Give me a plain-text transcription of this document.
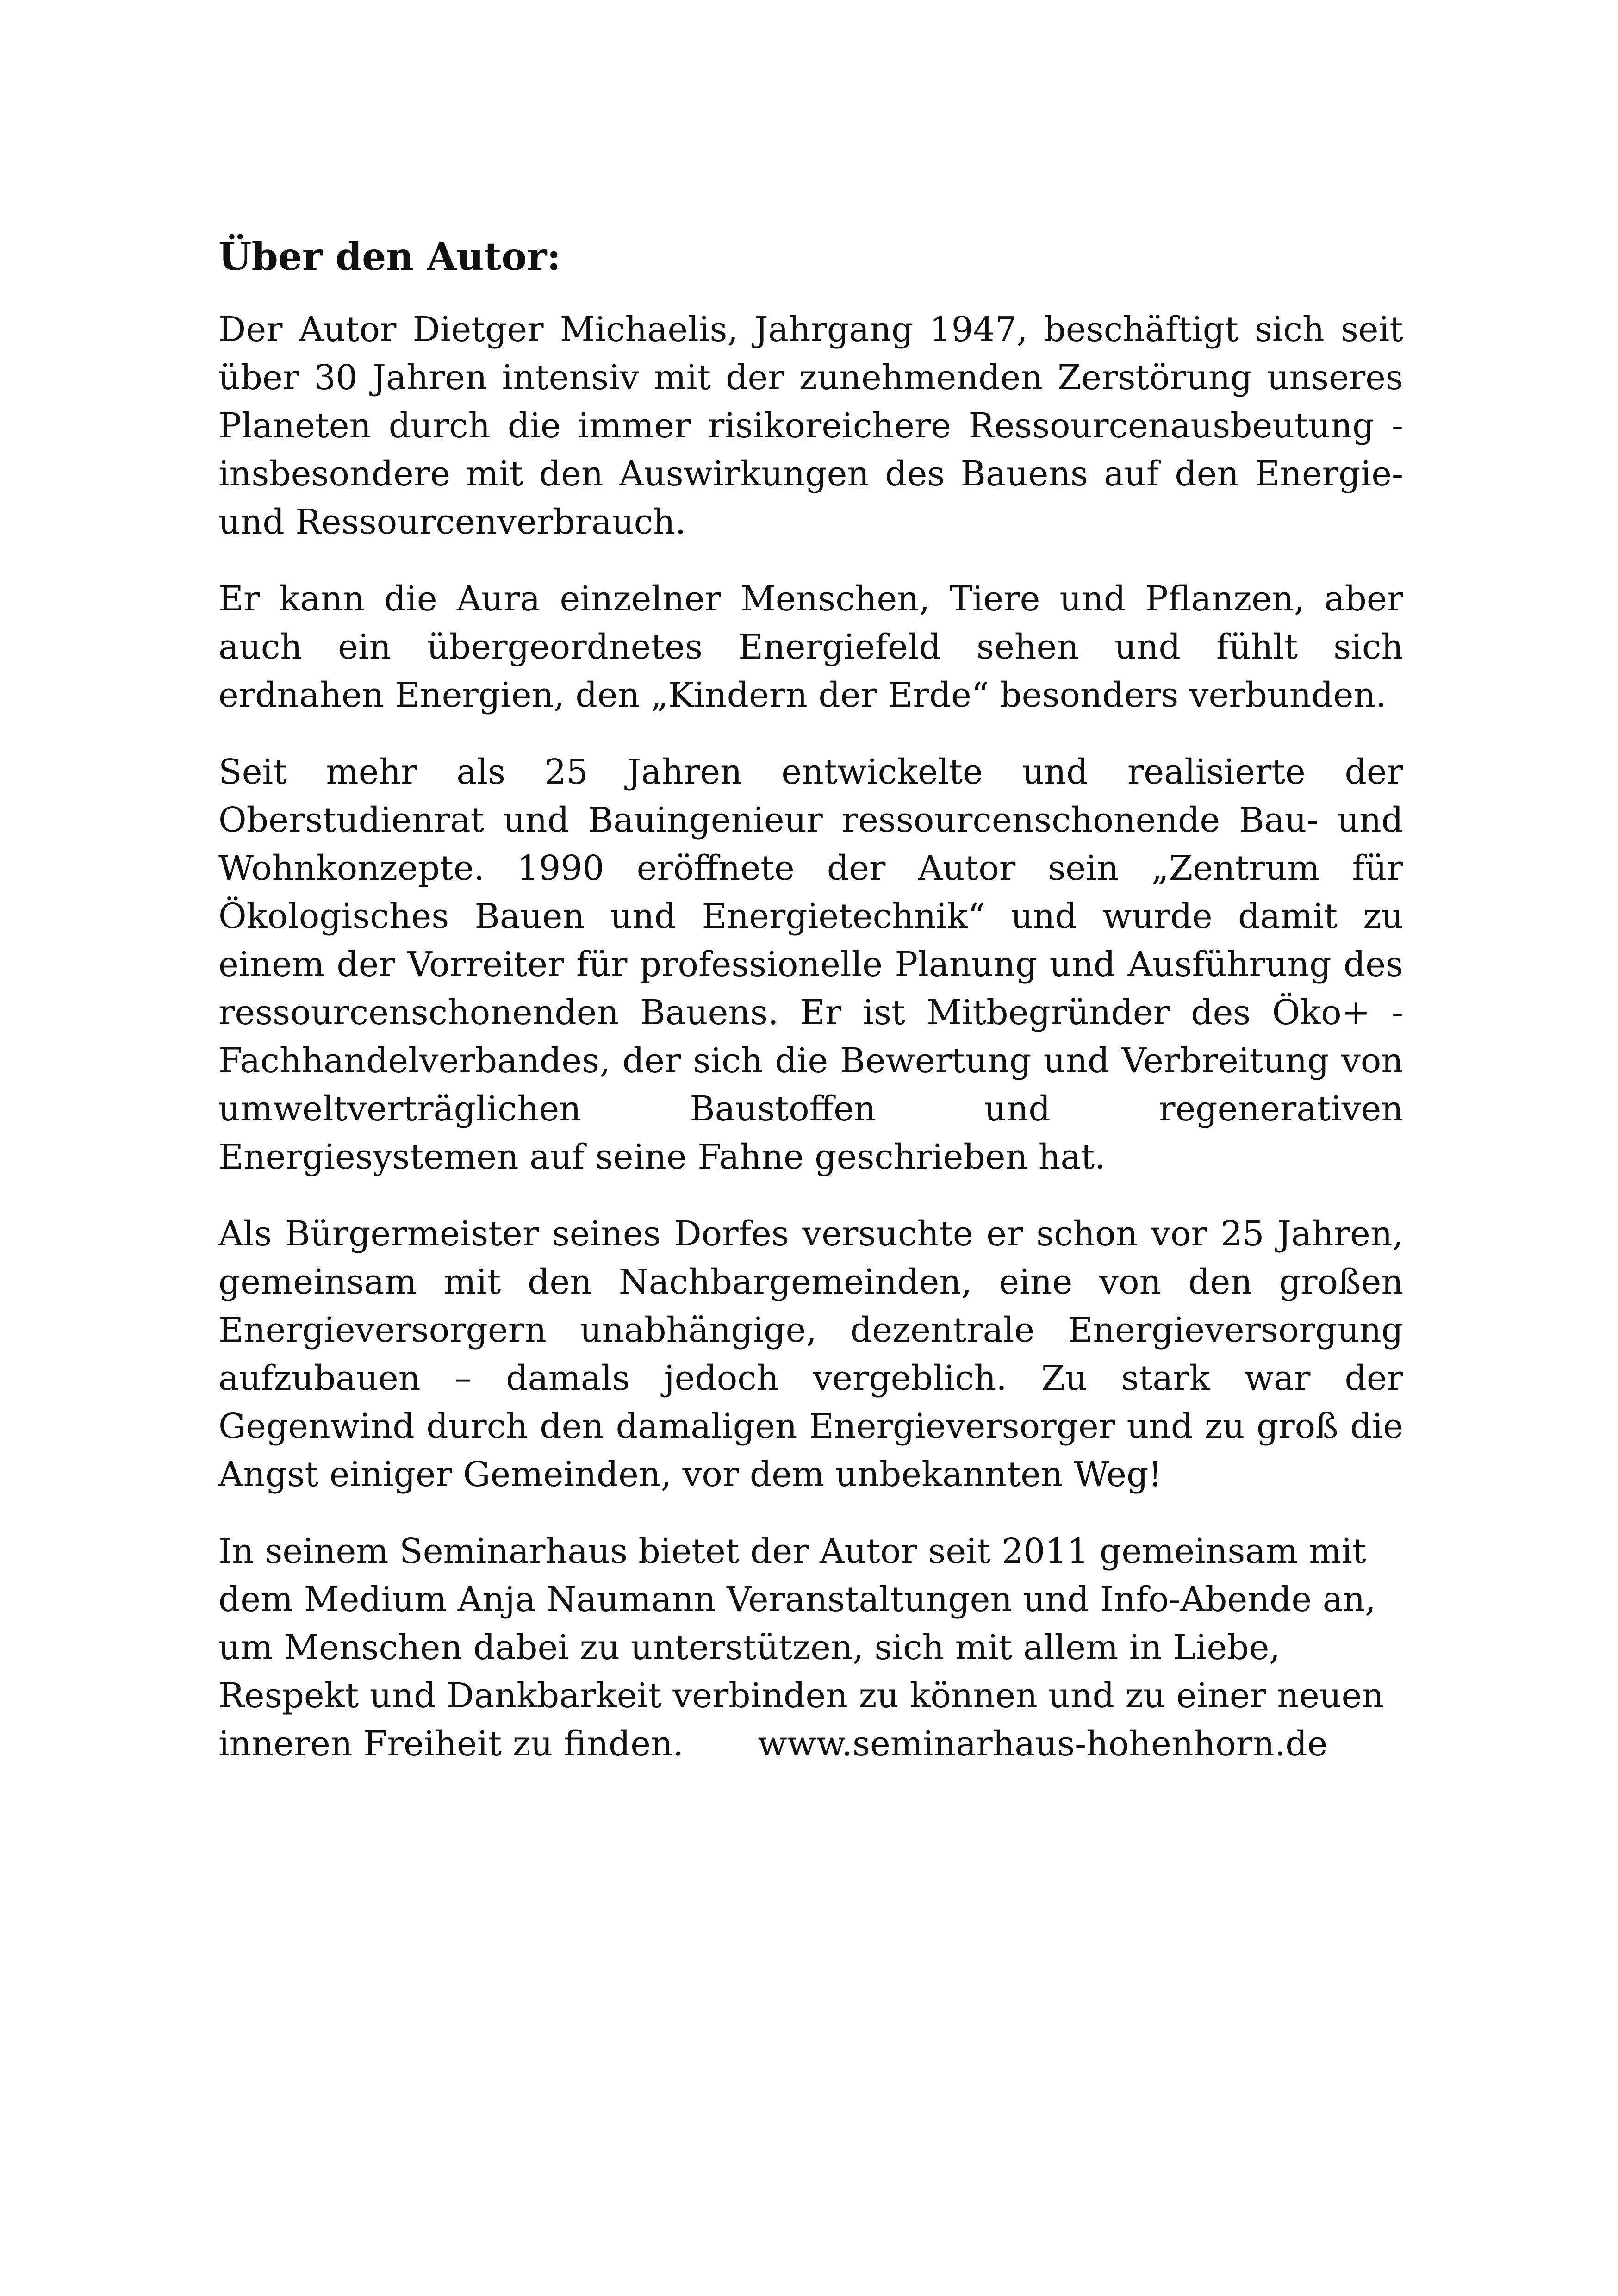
Über den Autor:

Der Autor Dietger Michaelis, Jahrgang 1947, beschäftigt sich seit über 30 Jahren intensiv mit der zunehmenden Zerstörung unseres Planeten durch die immer risikoreichere Ressourcenausbeutung - insbesondere mit den Auswirkungen des Bauens auf den Energie- und Ressourcenverbrauch.

Er kann die Aura einzelner Menschen, Tiere und Pflanzen, aber auch ein übergeordnetes Energiefeld sehen und fühlt sich erdnahen Energien, den „Kindern der Erde“ besonders verbunden.

Seit mehr als 25 Jahren entwickelte und realisierte der Oberstudienrat und Bauingenieur ressourcenschonende Bau- und Wohnkonzepte. 1990 eröffnete der Autor sein „Zentrum für Ökologisches Bauen und Energietechnik“ und wurde damit zu einem der Vorreiter für professionelle Planung und Ausführung des ressourcenschonenden Bauens. Er ist Mitbegründer des Öko+ - Fachhandelverbandes, der sich die Bewertung und Verbreitung von umweltverträglichen Baustoffen und regenerativen Energiesystemen auf seine Fahne geschrieben hat.

Als Bürgermeister seines Dorfes versuchte er schon vor 25 Jahren, gemeinsam mit den Nachbargemeinden, eine von den großen Energieversorgern unabhängige, dezentrale Energieversorgung aufzubauen – damals jedoch vergeblich. Zu stark war der Gegenwind durch den damaligen Energieversorger und zu groß die Angst einiger Gemeinden, vor dem unbekannten Weg!

In seinem Seminarhaus bietet der Autor seit 2011 gemeinsam mit dem Medium Anja Naumann Veranstaltungen und Info-Abende an, um Menschen dabei zu unterstützen, sich mit allem in Liebe, Respekt und Dankbarkeit verbinden zu können und zu einer neuen inneren Freiheit zu finden. www.seminarhaus-hohenhorn.de
